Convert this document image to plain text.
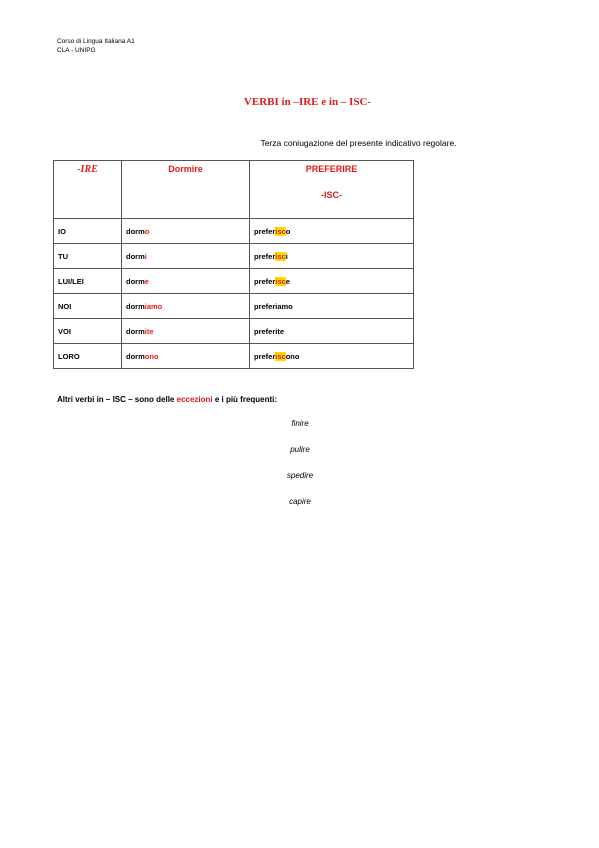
Corso di Lingua Italiana A1
CLA - UNIPG
VERBI in –IRE e in – ISC-
Terza coniugazione del presente indicativo regolare.
-IRE	Dormire	PREFERIRE
-ISC-

IO	dormo	preferisco
TU	dormi	preferisci
LUI/LEI	dorme	preferisce
NOI	dormiamo	preferiamo
VOI	dormite	preferite
LORO	dormono	preferiscono
Altri verbi in – ISC – sono delle eccezioni e i più frequenti:
finire
pulire
spedire
capire
